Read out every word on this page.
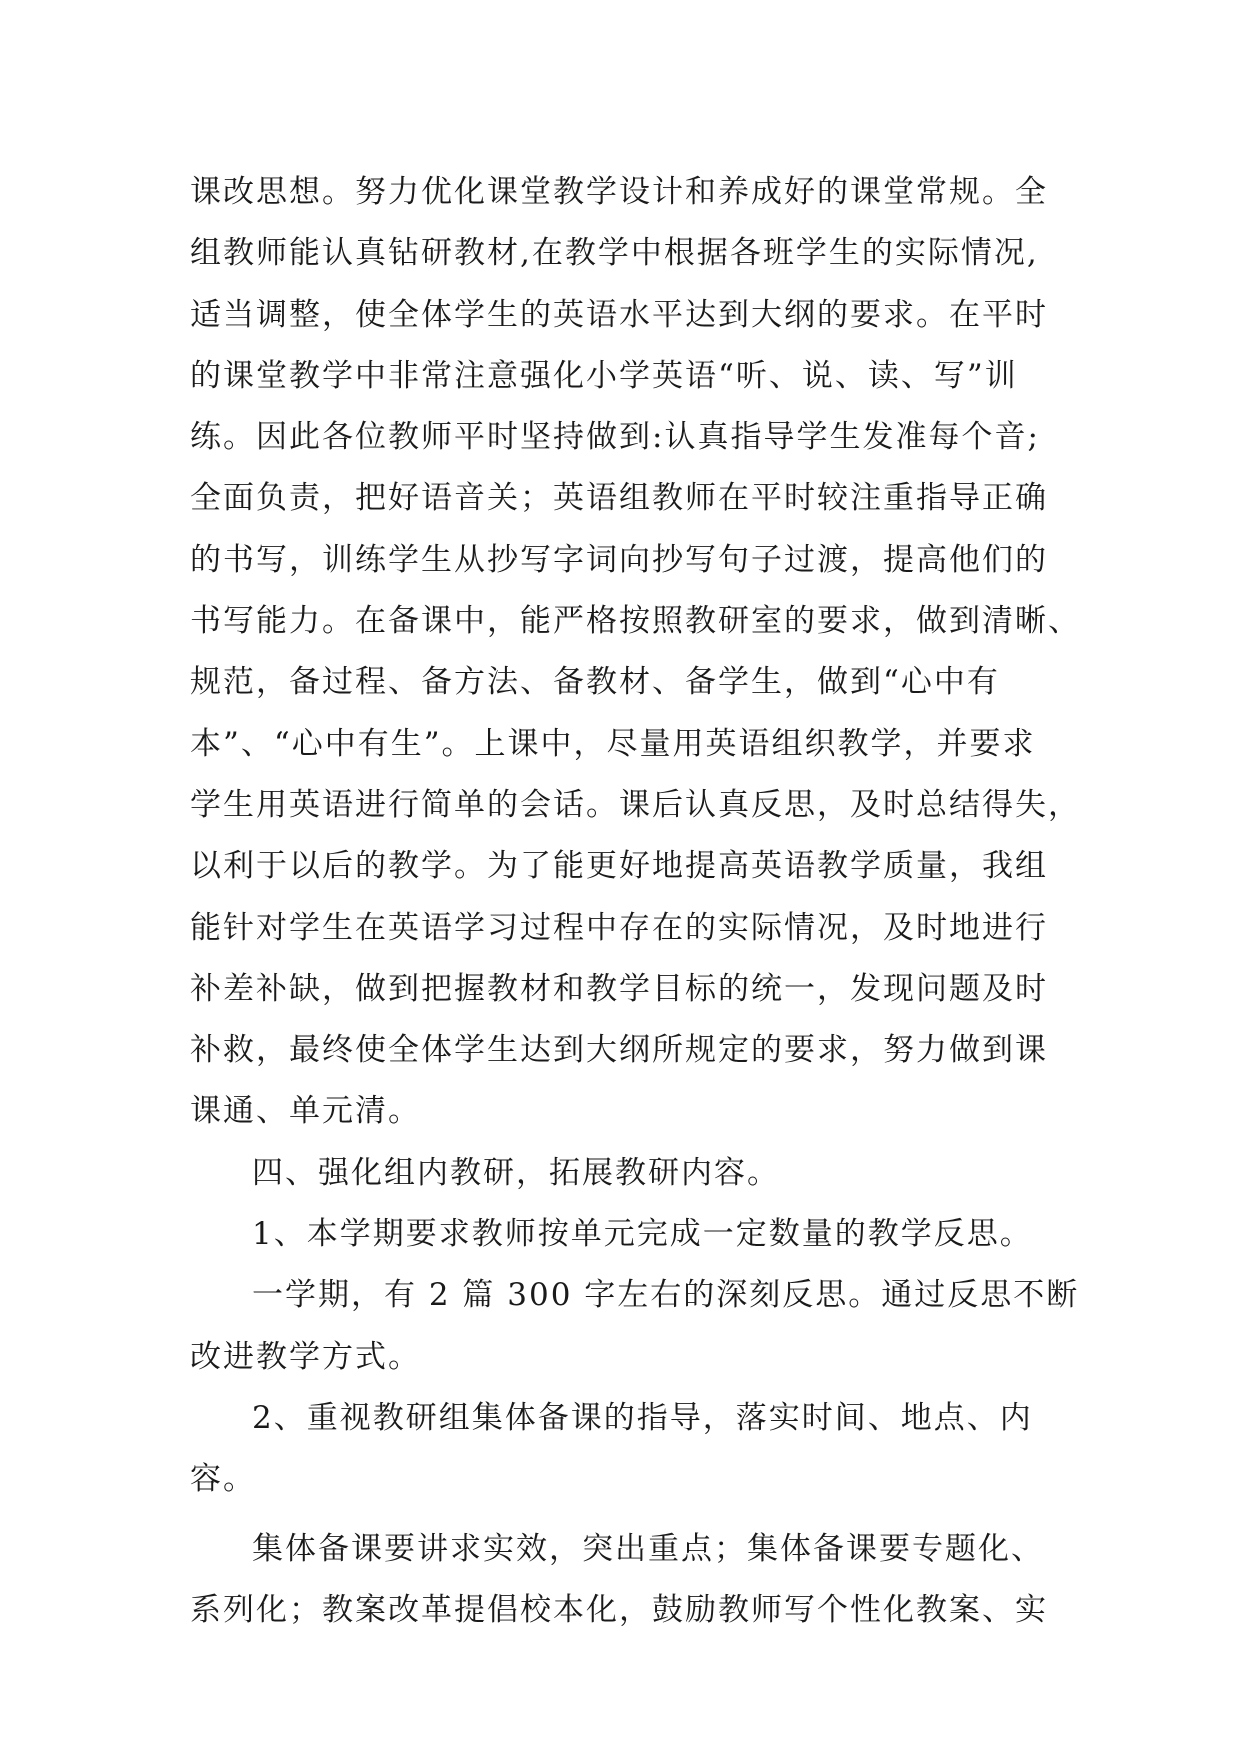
课改思想。努力优化课堂教学设计和养成好的课堂常规。全
组教师能认真钻研教材,在教学中根据各班学生的实际情况,
适当调整，使全体学生的英语水平达到大纲的要求。在平时
的课堂教学中非常注意强化小学英语“听、说、读、写”训
练。因此各位教师平时坚持做到:认真指导学生发准每个音;
全面负责，把好语音关；英语组教师在平时较注重指导正确
的书写，训练学生从抄写字词向抄写句子过渡，提高他们的
书写能力。在备课中，能严格按照教研室的要求，做到清晰、
规范，备过程、备方法、备教材、备学生，做到“心中有
本”、“心中有生”。上课中，尽量用英语组织教学，并要求
学生用英语进行简单的会话。课后认真反思，及时总结得失，
以利于以后的教学。为了能更好地提高英语教学质量，我组
能针对学生在英语学习过程中存在的实际情况，及时地进行
补差补缺，做到把握教材和教学目标的统一，发现问题及时
补救，最终使全体学生达到大纲所规定的要求，努力做到课
课通、单元清。
四、强化组内教研，拓展教研内容。
1、本学期要求教师按单元完成一定数量的教学反思。
一学期，有 2 篇 300 字左右的深刻反思。通过反思不断
改进教学方式。
2、重视教研组集体备课的指导，落实时间、地点、内
容。
集体备课要讲求实效，突出重点；集体备课要专题化、
系列化；教案改革提倡校本化，鼓励教师写个性化教案、实
